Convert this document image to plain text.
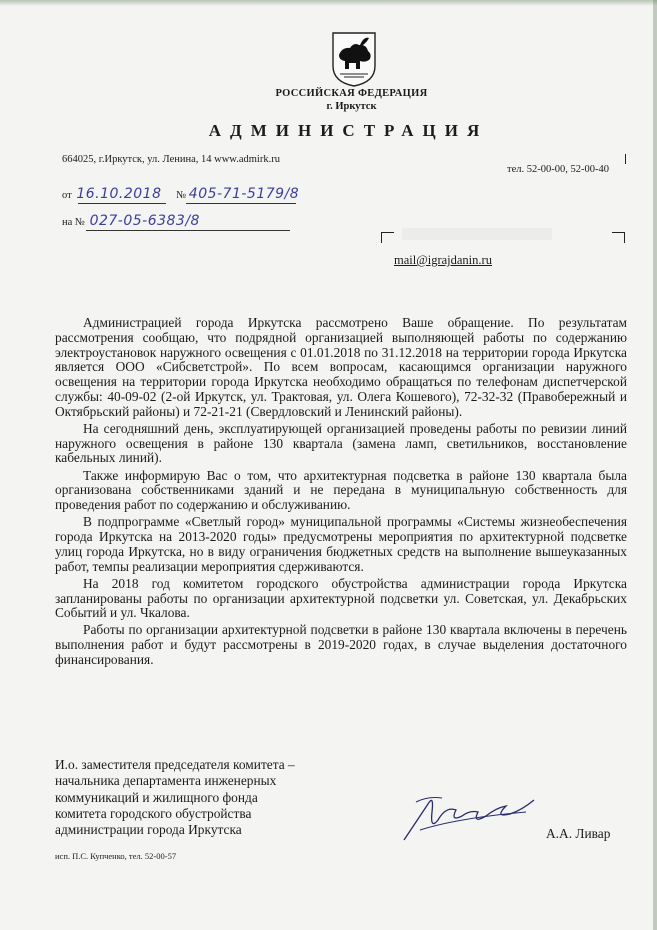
РОССИЙСКАЯ ФЕДЕРАЦИЯ
г. Иркутск
АДМИНИСТРАЦИЯ
664025, г.Иркутск, ул. Ленина, 14 www.admirk.ru
тел. 52-00-00, 52-00-40
от 16.10.2018 № 405-71-5179/8
на № 027-05-6383/8
mail@igrajdanin.ru

Администрацией города Иркутска рассмотрено Ваше обращение. По результатам рассмотрения сообщаю, что подрядной организацией выполняющей работы по содержанию электроустановок наружного освещения с 01.01.2018 по 31.12.2018 на территории города Иркутска является ООО «Сибсветстрой». По всем вопросам, касающимся организации наружного освещения на территории города Иркутска необходимо обращаться по телефонам диспетчерской службы: 40-09-02 (2-ой Иркутск, ул. Трактовая, ул. Олега Кошевого), 72-32-32 (Правобережный и Октябрьский районы) и 72-21-21 (Свердловский и Ленинский районы).

На сегодняшний день, эксплуатирующей организацией проведены работы по ревизии линий наружного освещения в районе 130 квартала (замена ламп, светильников, восстановление кабельных линий).

Также информирую Вас о том, что архитектурная подсветка в районе 130 квартала была организована собственниками зданий и не передана в муниципальную собственность для проведения работ по содержанию и обслуживанию.

В подпрограмме «Светлый город» муниципальной программы «Системы жизнеобеспечения города Иркутска на 2013-2020 годы» предусмотрены мероприятия по архитектурной подсветке улиц города Иркутска, но в виду ограничения бюджетных средств на выполнение вышеуказанных работ, темпы реализации мероприятия сдерживаются.

На 2018 год комитетом городского обустройства администрации города Иркутска запланированы работы по организации архитектурной подсветки ул. Советская, ул. Декабрьских Событий и ул. Чкалова.

Работы по организации архитектурной подсветки в районе 130 квартала включены в перечень выполнения работ и будут рассмотрены в 2019-2020 годах, в случае выделения достаточного финансирования.

И.о. заместителя председателя комитета –
начальника департамента инженерных
коммуникаций и жилищного фонда
комитета городского обустройства
администрации города Иркутска	А.А. Ливар
исп. П.С. Купченко, тел. 52-00-57
